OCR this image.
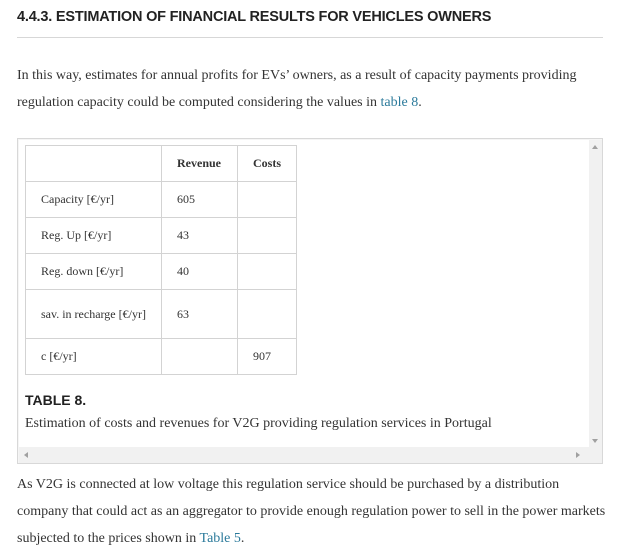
4.4.3. ESTIMATION OF FINANCIAL RESULTS FOR VEHICLES OWNERS

In this way, estimates for annual profits for EVs’ owners, as a result of capacity payments providing regulation capacity could be computed considering the values in table 8.

	Revenue	Costs
Capacity [€/yr]	605	
Reg. Up [€/yr]	43	
Reg. down [€/yr]	40	
sav. in recharge [€/yr]	63	
c [€/yr]		907
TABLE 8.
Estimation of costs and revenues for V2G providing regulation services in Portugal

As V2G is connected at low voltage this regulation service should be purchased by a distribution company that could act as an aggregator to provide enough regulation power to sell in the power markets subjected to the prices shown in Table 5.
